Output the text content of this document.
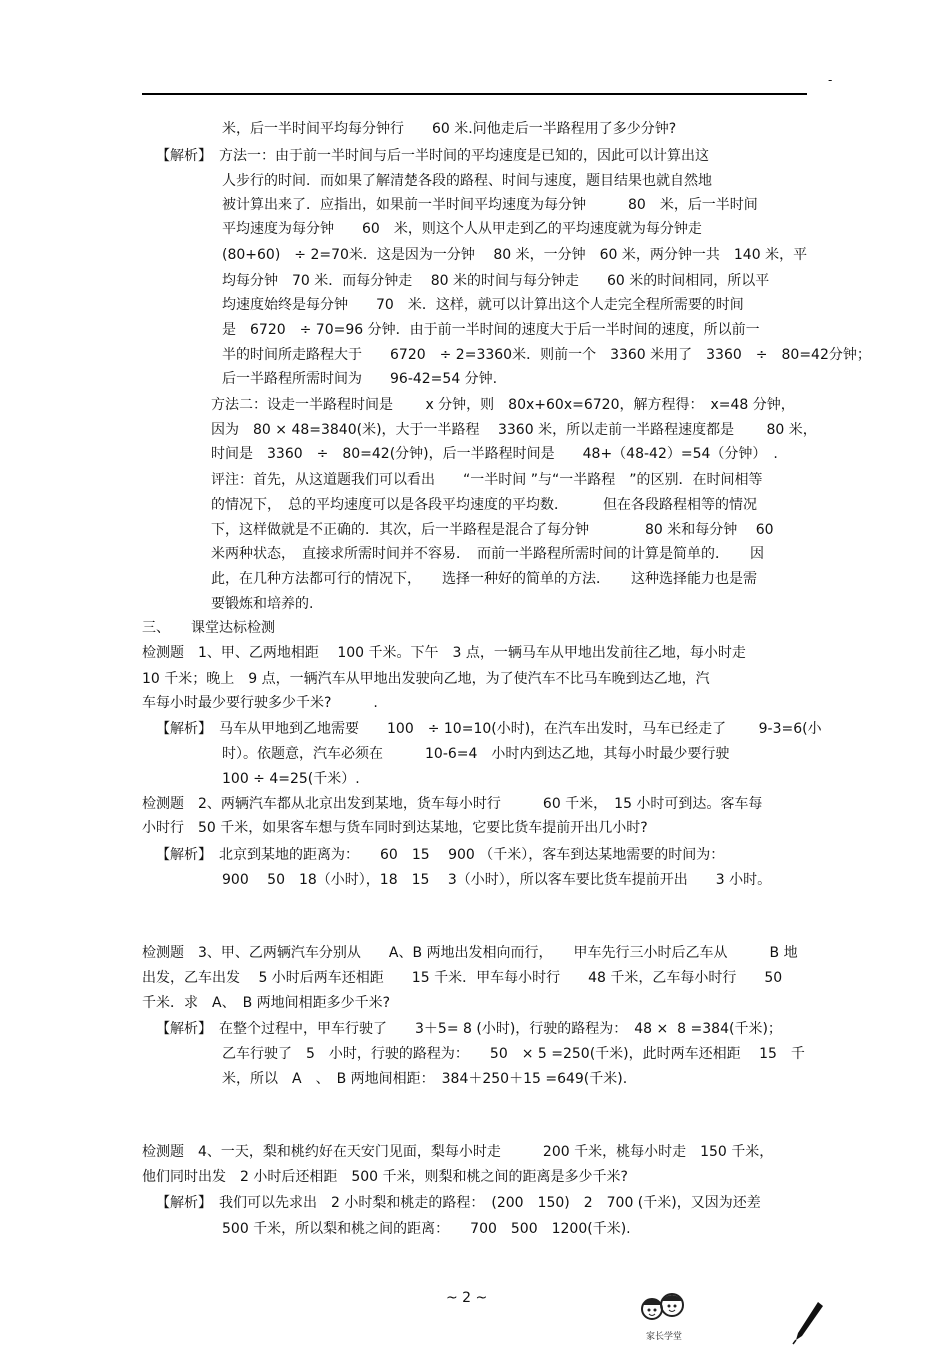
-
米，后一半时间平均每分钟行　　60 米.问他走后一半路程用了多少分钟?
【解析】　方法一：由于前一半时间与后一半时间的平均速度是已知的，因此可以计算出这
人步行的时间．而如果了解清楚各段的路程、时间与速度，题目结果也就自然地
被计算出来了．应指出，如果前一半时间平均速度为每分钟　　　80　米，后一半时间
平均速度为每分钟　　60　米，则这个人从甲走到乙的平均速度就为每分钟走
(80+60)　÷ 2=70米．这是因为一分钟　 80 米，一分钟　60 米，两分钟一共　140 米，平
均每分钟　70 米．而每分钟走　 80 米的时间与每分钟走　　60 米的时间相同，所以平
均速度始终是每分钟　　70　米．这样，就可以计算出这个人走完全程所需要的时间
是　6720　÷ 70=96 分钟．由于前一半时间的速度大于后一半时间的速度，所以前一
半的时间所走路程大于　　6720　÷ 2=3360米．则前一个　3360 米用了　3360　÷　80=42分钟；
后一半路程所需时间为　　96-42=54 分钟.
方法二：设走一半路程时间是　　 x 分钟，则　80x+60x=6720，解方程得：　x=48 分钟，
因为　80 × 48=3840(米)，大于一半路程　 3360 米，所以走前一半路程速度都是　　 80 米，
时间是　3360　÷　80=42(分钟)，后一半路程时间是　　48+（48-42）=54（分钟）　.
评注：首先，从这道题我们可以看出　　“一半时间 ”与“一半路程　”的区别．在时间相等
的情况下，　总的平均速度可以是各段平均速度的平均数．　　　但在各段路程相等的情况
下，这样做就是不正确的．其次，后一半路程是混合了每分钟　　　　80 米和每分钟　 60
米两种状态，　直接求所需时间并不容易．　而前一半路程所需时间的计算是简单的．　　因
此，在几种方法都可行的情况下，　　选择一种好的简单的方法．　　这种选择能力也是需
要锻炼和培养的.
三、　　课堂达标检测
检测题　1、甲、乙两地相距　 100 千米。下午　3 点，一辆马车从甲地出发前往乙地，每小时走
10 千米；晚上　9 点，一辆汽车从甲地出发驶向乙地，为了使汽车不比马车晚到达乙地，汽
车每小时最少要行驶多少千米?　　　.
【解析】　马车从甲地到乙地需要　　100　÷ 10=10(小时)，在汽车出发时，马车已经走了　　 9-3=6(小
时）。依题意，汽车必须在　　　10-6=4　小时内到达乙地，其每小时最少要行驶
100 ÷ 4=25(千米）.
检测题　2、两辆汽车都从北京出发到某地，货车每小时行　　　60 千米，　15 小时可到达。客车每
小时行　50 千米，如果客车想与货车同时到达某地，它要比货车提前开出几小时?
【解析】　北京到某地的距离为：　　60　15　 900 （千米），客车到达某地需要的时间为：
900　 50　18（小时），18　15　 3（小时），所以客车要比货车提前开出　　3 小时。
检测题　3、甲、乙两辆汽车分别从　　A、B 两地出发相向而行，　　甲车先行三小时后乙车从　　　B 地
出发，乙车出发　 5 小时后两车还相距　　15 千米．甲车每小时行　　48 千米，乙车每小时行　　50
千米．求　A、　B 两地间相距多少千米?
【解析】　在整个过程中，甲车行驶了　　3＋5= 8 (小时)，行驶的路程为：　48 ×  8 =384(千米)；
乙车行驶了　5　小时，行驶的路程为：　　50　× 5 =250(千米)，此时两车还相距　 15　千
米，所以　A　、　B 两地间相距：　384＋250＋15 =649(千米).
检测题　4、一天，梨和桃约好在天安门见面，梨每小时走　　　200 千米，桃每小时走　150 千米，
他们同时出发　2 小时后还相距　500 千米，则梨和桃之间的距离是多少千米?
【解析】　我们可以先求出　2 小时梨和桃走的路程：　(200　150)　2　700 (千米)，又因为还差
500 千米，所以梨和桃之间的距离：　　700　500　1200(千米).
~ 2 ~
家长学堂
